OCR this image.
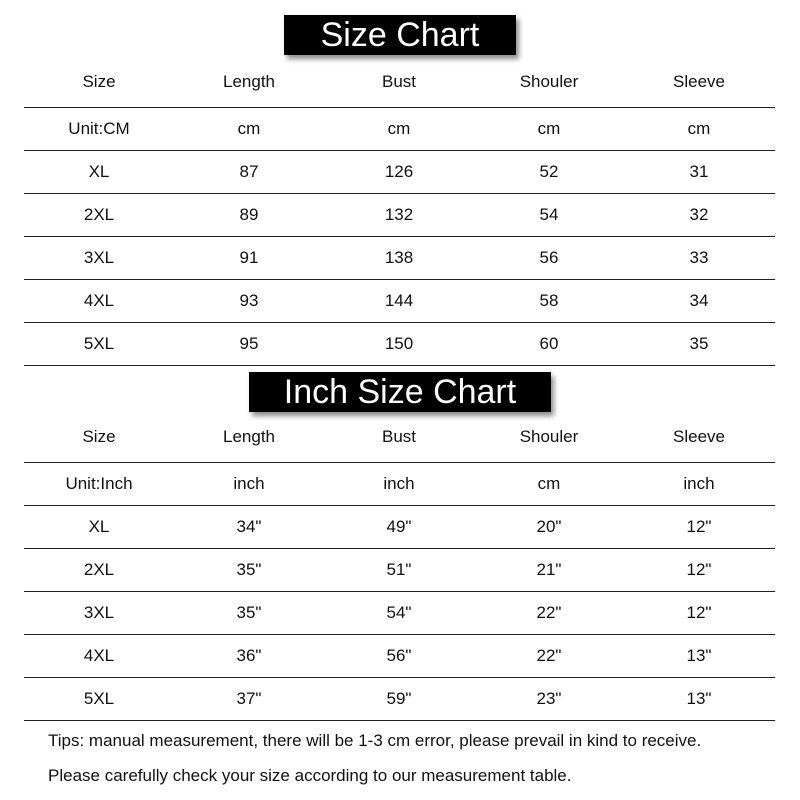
Size Chart
Size	Length	Bust	Shouler	Sleeve
Unit:CM	cm	cm	cm	cm
XL	87	126	52	31
2XL	89	132	54	32
3XL	91	138	56	33
4XL	93	144	58	34
5XL	95	150	60	35
Inch Size Chart
Size	Length	Bust	Shouler	Sleeve
Unit:Inch	inch	inch	cm	inch
XL	34"	49"	20"	12"
2XL	35"	51"	21"	12"
3XL	35"	54"	22"	12"
4XL	36"	56"	22"	13"
5XL	37"	59"	23"	13"
Tips: manual measurement, there will be 1-3 cm error, please prevail in kind to receive.
Please carefully check your size according to our measurement table.
